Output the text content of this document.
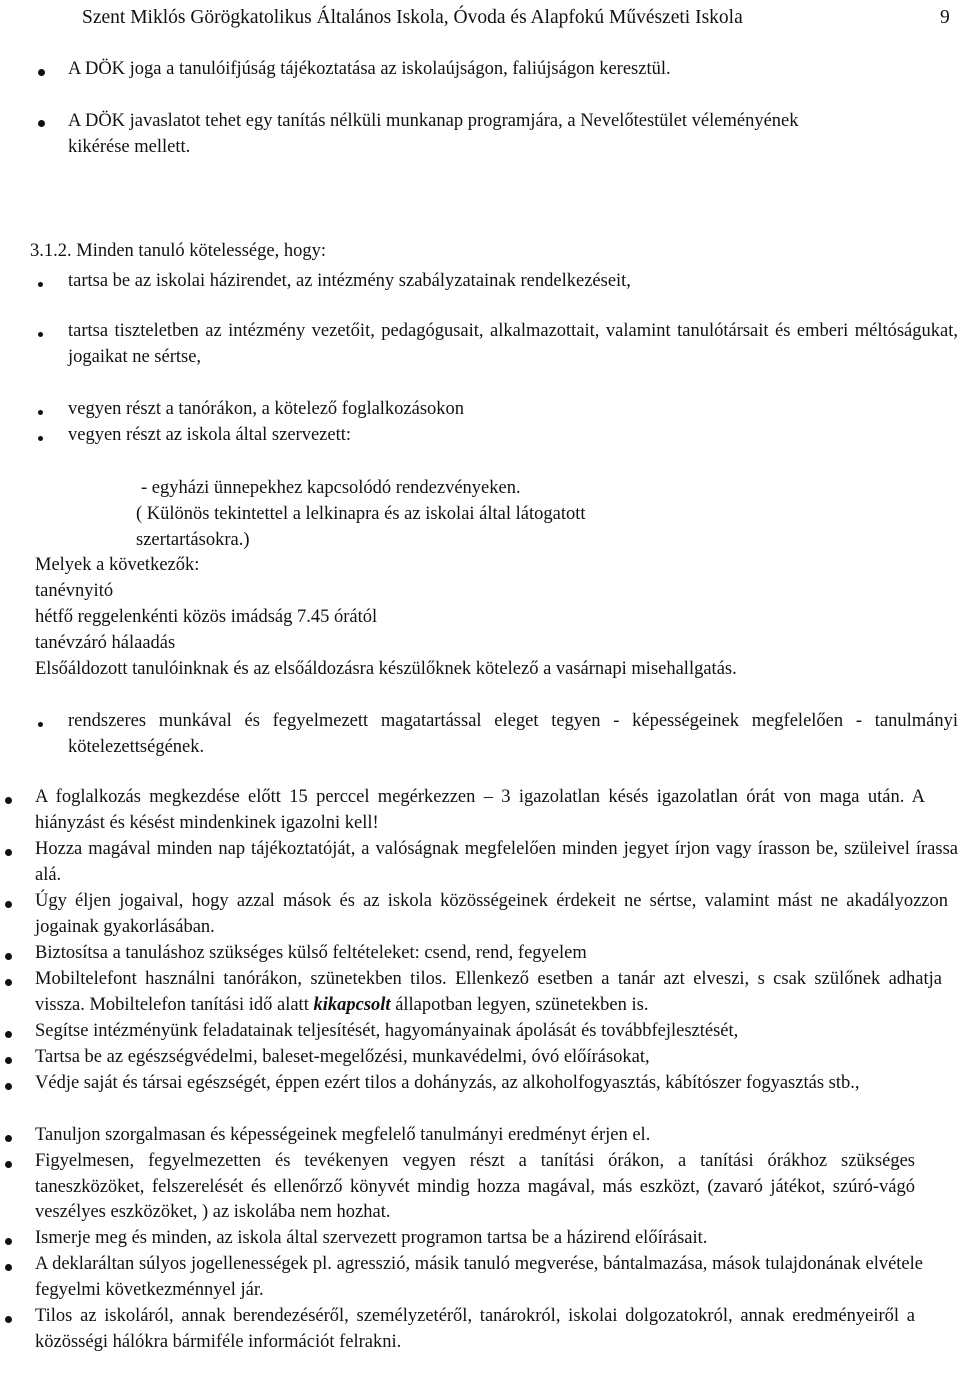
Szent Miklós Görögkatolikus Általános Iskola, Óvoda és Alapfokú Művészeti Iskola	9
A DÖK joga a tanulóifjúság tájékoztatása az iskolaújságon, faliújságon keresztül.
A DÖK javaslatot tehet egy tanítás nélküli munkanap programjára, a Nevelőtestület véleményének kikérése mellett.
3.1.2. Minden tanuló kötelessége, hogy:
tartsa be az iskolai házirendet, az intézmény szabályzatainak rendelkezéseit,
tartsa tiszteletben az intézmény vezetőit, pedagógusait, alkalmazottait, valamint tanulótársait és emberi méltóságukat, jogaikat ne sértse,
vegyen részt a tanórákon, a kötelező foglalkozásokon
vegyen részt az iskola által szervezett:
- egyházi ünnepekhez kapcsolódó rendezvényeken.
( Különös tekintettel a lelkinapra és az iskolai által látogatott szertartásokra.)
Melyek a következők:
tanévnyitó
hétfő reggelenkénti közös imádság 7.45 órától
tanévzáró hálaadás
Elsőáldozott tanulóinknak és az elsőáldozásra készülőknek kötelező a vasárnapi misehallgatás.
rendszeres munkával és fegyelmezett magatartással eleget tegyen - képességeinek megfelelően - tanulmányi kötelezettségének.
A foglalkozás megkezdése előtt 15 perccel megérkezzen – 3 igazolatlan késés igazolatlan órát von maga után. A hiányzást és késést mindenkinek igazolni kell!
Hozza magával minden nap tájékoztatóját, a valóságnak megfelelően minden jegyet írjon vagy írasson be, szüleivel írassa alá.
Úgy éljen jogaival, hogy azzal mások és az iskola közösségeinek érdekeit ne sértse, valamint mást ne akadályozzon jogainak gyakorlásában.
Biztosítsa a tanuláshoz szükséges külső feltételeket: csend, rend, fegyelem
Mobiltelefont használni tanórákon, szünetekben tilos. Ellenkező esetben a tanár azt elveszi, s csak szülőnek adhatja vissza. Mobiltelefon tanítási idő alatt kikapcsolt állapotban legyen, szünetekben is.
Segítse intézményünk feladatainak teljesítését, hagyományainak ápolását és továbbfejlesztését,
Tartsa be az egészségvédelmi, baleset-megelőzési, munkavédelmi, óvó előírásokat,
Védje saját és társai egészségét, éppen ezért tilos a dohányzás, az alkoholfogyasztás, kábítószer fogyasztás stb.,
Tanuljon szorgalmasan és képességeinek megfelelő tanulmányi eredményt érjen el.
Figyelmesen, fegyelmezetten és tevékenyen vegyen részt a tanítási órákon, a tanítási órákhoz szükséges taneszközöket, felszerelését és ellenőrző könyvét mindig hozza magával, más eszközt, (zavaró játékot, szúró-vágó veszélyes eszközöket, ) az iskolába nem hozhat.
Ismerje meg és minden, az iskola által szervezett programon tartsa be a házirend előírásait.
A deklaráltan súlyos jogellenességek pl. agresszió, másik tanuló megverése, bántalmazása, mások tulajdonának elvétele fegyelmi következménnyel jár.
Tilos az iskoláról, annak berendezéséről, személyzetéről, tanárokról, iskolai dolgozatokról, annak eredményeiről a közösségi hálókra bármiféle információt felrakni.
